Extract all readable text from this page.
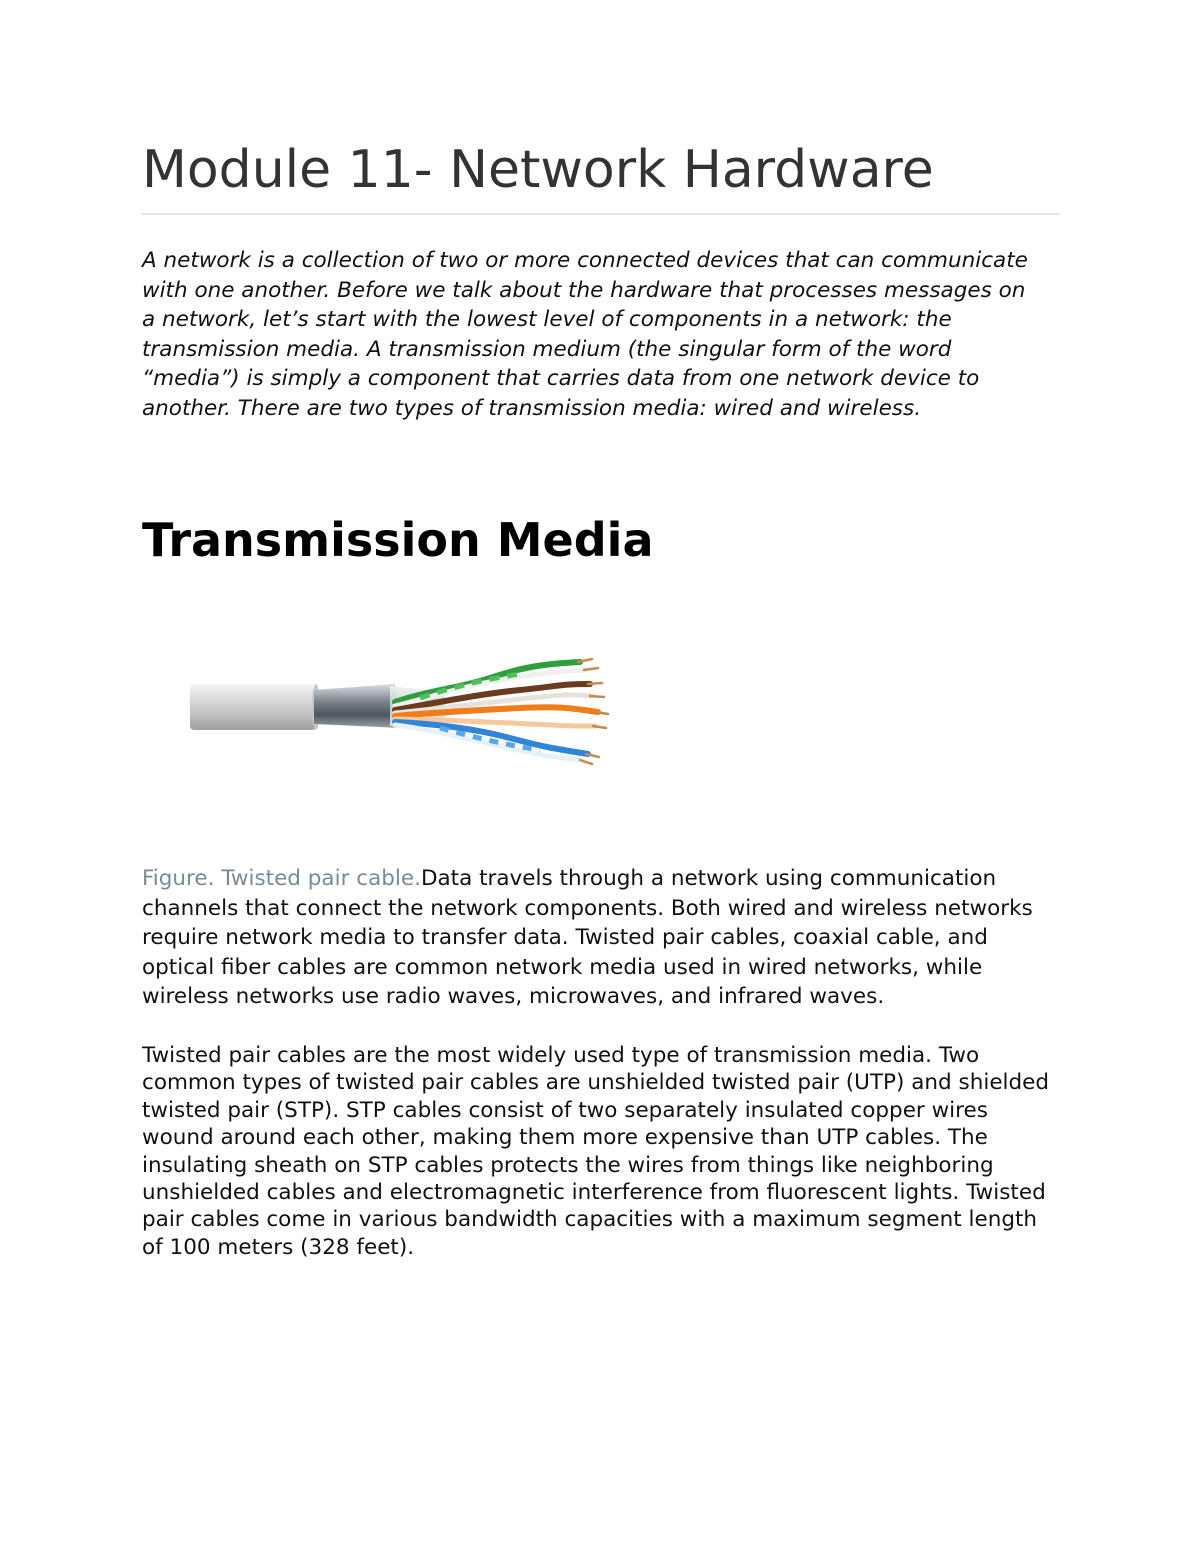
Module 11- Network Hardware

A network is a collection of two or more connected devices that can communicate with one another. Before we talk about the hardware that processes messages on a network, let’s start with the lowest level of components in a network: the transmission media. A transmission medium (the singular form of the word “media”) is simply a component that carries data from one network device to another. There are two types of transmission media: wired and wireless.

Transmission Media

Figure. Twisted pair cable.Data travels through a network using communication channels that connect the network components. Both wired and wireless networks require network media to transfer data. Twisted pair cables, coaxial cable, and optical fiber cables are common network media used in wired networks, while wireless networks use radio waves, microwaves, and infrared waves.

Twisted pair cables are the most widely used type of transmission media. Two common types of twisted pair cables are unshielded twisted pair (UTP) and shielded twisted pair (STP). STP cables consist of two separately insulated copper wires wound around each other, making them more expensive than UTP cables. The insulating sheath on STP cables protects the wires from things like neighboring unshielded cables and electromagnetic interference from fluorescent lights. Twisted pair cables come in various bandwidth capacities with a maximum segment length of 100 meters (328 feet).
